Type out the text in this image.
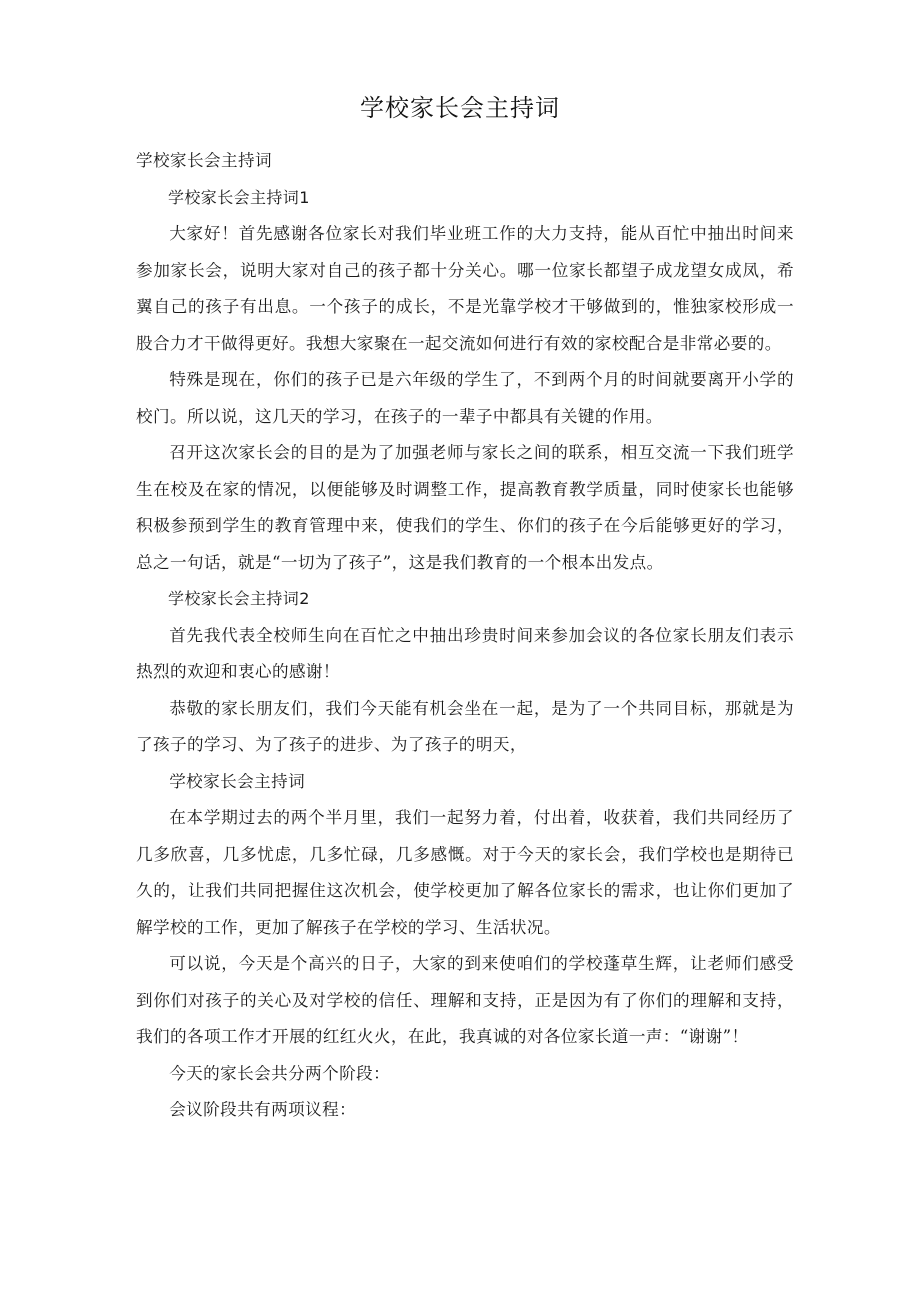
学校家长会主持词

学校家长会主持词

学校家长会主持词1

大家好！首先感谢各位家长对我们毕业班工作的大力支持，能从百忙中抽出时间来参加家长会，说明大家对自己的孩子都十分关心。哪一位家长都望子成龙望女成凤，希翼自己的孩子有出息。一个孩子的成长，不是光靠学校才干够做到的，惟独家校形成一股合力才干做得更好。我想大家聚在一起交流如何进行有效的家校配合是非常必要的。

特殊是现在，你们的孩子已是六年级的学生了，不到两个月的时间就要离开小学的校门。所以说，这几天的学习，在孩子的一辈子中都具有关键的作用。

召开这次家长会的目的是为了加强老师与家长之间的联系，相互交流一下我们班学生在校及在家的情况，以便能够及时调整工作，提高教育教学质量，同时使家长也能够积极参预到学生的教育管理中来，使我们的学生、你们的孩子在今后能够更好的学习，总之一句话，就是“一切为了孩子”，这是我们教育的一个根本出发点。

学校家长会主持词2

首先我代表全校师生向在百忙之中抽出珍贵时间来参加会议的各位家长朋友们表示热烈的欢迎和衷心的感谢！

恭敬的家长朋友们，我们今天能有机会坐在一起，是为了一个共同目标，那就是为了孩子的学习、为了孩子的进步、为了孩子的明天，

学校家长会主持词

在本学期过去的两个半月里，我们一起努力着，付出着，收获着，我们共同经历了几多欣喜，几多忧虑，几多忙碌，几多感慨。对于今天的家长会，我们学校也是期待已久的，让我们共同把握住这次机会，使学校更加了解各位家长的需求，也让你们更加了解学校的工作，更加了解孩子在学校的学习、生活状况。

可以说，今天是个高兴的日子，大家的到来使咱们的学校蓬草生辉，让老师们感受到你们对孩子的关心及对学校的信任、理解和支持，正是因为有了你们的理解和支持，我们的各项工作才开展的红红火火，在此，我真诚的对各位家长道一声：“谢谢”！

今天的家长会共分两个阶段：

会议阶段共有两项议程：
